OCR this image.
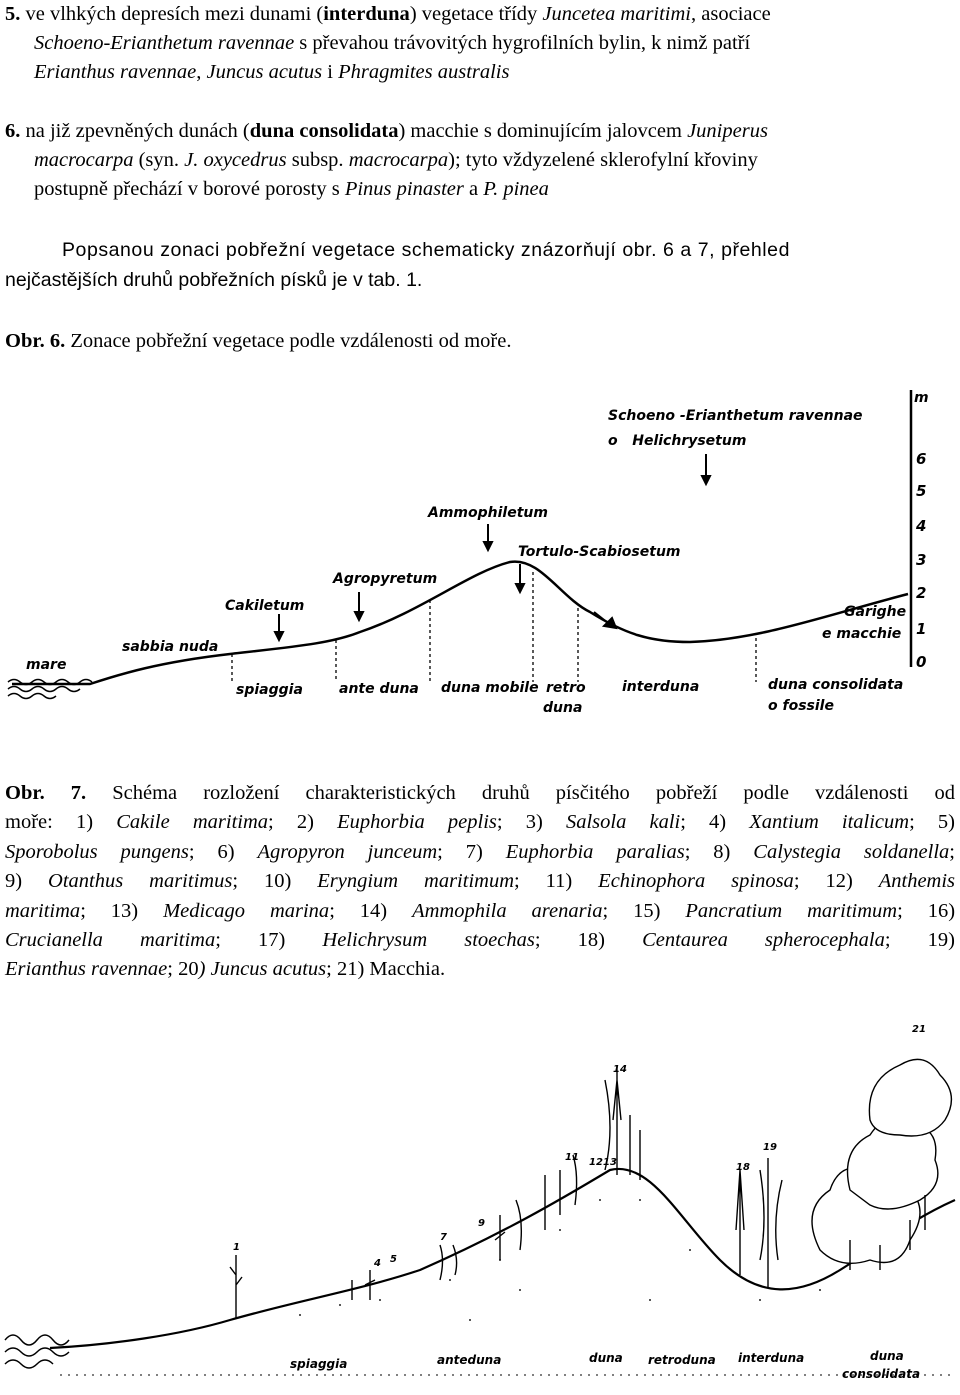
5. ve vlhkých depresích mezi dunami (interduna) vegetace třídy Juncetea maritimi, asociace

Schoeno-Erianthetum ravennae s převahou trávovitých hygrofilních bylin, k nimž patří

Erianthus ravennae, Juncus acutus i Phragmites australis

6. na již zpevněných dunách (duna consolidata) macchie s dominujícím jalovcem Juniperus

macrocarpa (syn. J. oxycedrus subsp. macrocarpa); tyto vždyzelené sklerofylní křoviny

postupně přechází v borové porosty s Pinus pinaster a P. pinea

Popsanou zonaci pobřežní vegetace schematicky znázorňují obr. 6 a 7, přehled

nejčastějších druhů pobřežních písků je v tab. 1.

Obr. 6. Zonace pobřežní vegetace podle vzdálenosti od moře.

m
6
5
4
3
2
1
0
mare
sabbia nuda
Cakiletum
Agropyretum
Ammophiletum
Tortulo-Scabiosetum
Schoeno -Erianthetum ravennae
o   Helichrysetum
Garighe
e macchie
spiaggia	ante duna duna mobile retro
duna
interduna	duna consolidata
o fossile
Obr. 7. Schéma rozložení charakteristických druhů písčitého pobřeží podle vzdálenosti od
moře: 1) Cakile maritima; 2) Euphorbia peplis; 3) Salsola kali; 4) Xantium italicum; 5)
Sporobolus pungens; 6) Agropyron junceum; 7) Euphorbia paralias; 8) Calystegia soldanella;
9) Otanthus maritimus; 10) Eryngium maritimum; 11) Echinophora spinosa; 12) Anthemis
maritima; 13) Medicago marina; 14) Ammophila arenaria; 15) Pancratium maritimum; 16)
Crucianella maritima; 17) Helichrysum stoechas; 18) Centaurea spherocephala; 19)
Erianthus ravennae; 20) Juncus acutus; 21) Macchia.
1
4 5
7
9
11 12 13
14
18
19
21
spiaggia	anteduna	duna retroduna interduna	duna
consolidata
